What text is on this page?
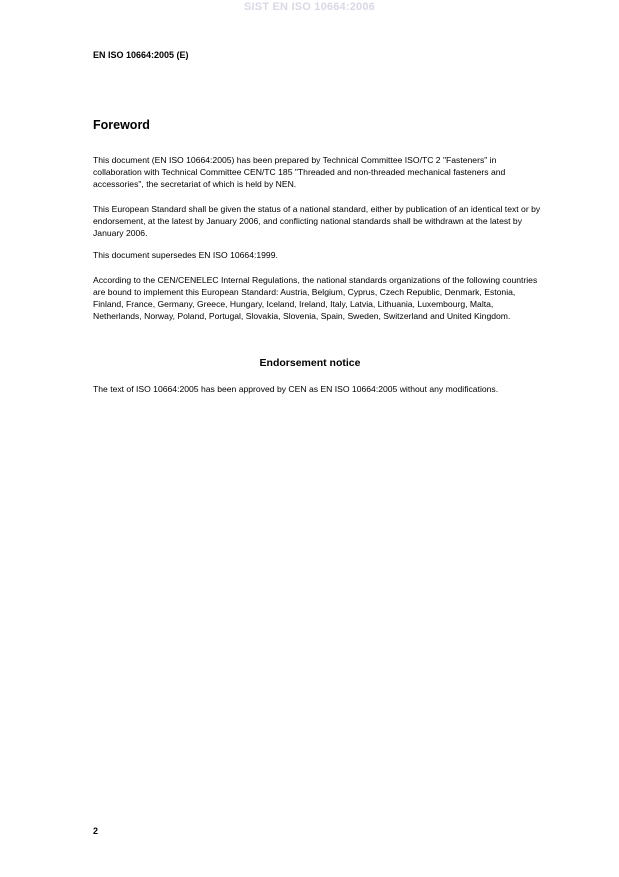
SIST EN ISO 10664:2006
EN ISO 10664:2005 (E)
Foreword

This document (EN ISO 10664:2005) has been prepared by Technical Committee ISO/TC 2 "Fasteners" in collaboration with Technical Committee CEN/TC 185 "Threaded and non-threaded mechanical fasteners and accessories", the secretariat of which is held by NEN.

This European Standard shall be given the status of a national standard, either by publication of an identical text or by endorsement, at the latest by January 2006, and conflicting national standards shall be withdrawn at the latest by January 2006.

This document supersedes EN ISO 10664:1999.

According to the CEN/CENELEC Internal Regulations, the national standards organizations of the following countries are bound to implement this European Standard: Austria, Belgium, Cyprus, Czech Republic, Denmark, Estonia, Finland, France, Germany, Greece, Hungary, Iceland, Ireland, Italy, Latvia, Lithuania, Luxembourg, Malta, Netherlands, Norway, Poland, Portugal, Slovakia, Slovenia, Spain, Sweden, Switzerland and United Kingdom.

Endorsement notice

The text of ISO 10664:2005 has been approved by CEN as EN ISO 10664:2005 without any modifications.

2
